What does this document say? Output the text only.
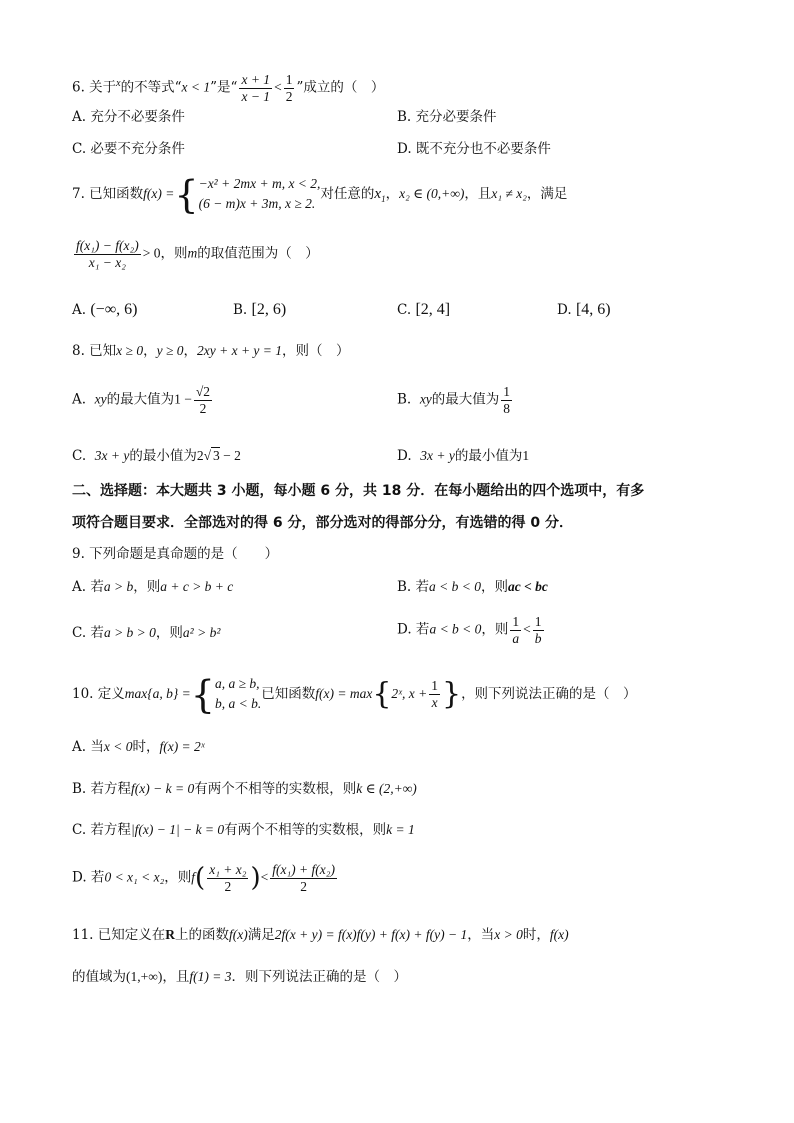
6. 关于$^x$的不等式“x < 1”是“ $\frac{x + 1}{x - 1} < \frac{1}{2}$ ”成立的（　）
A. 充分不必要条件	B. 充分必要条件
C. 必要不充分条件	D. 既不充分也不必要条件
7. 已知函数f(x) ={ −x² + 2mx + m, x < 2,
(6 − m)x + 3m, x ≥ 2.
对任意的$x_1$，x₂ ∈ (0,+∞)，且x₁ ≠ x₂，满足
$\frac{\text{f(x₁) − f(x₂)}}{\text{x₁ − x₂}} > 0$，则m的取值范围为（　）
A. (−∞, 6)	B. [2, 6)	C. [2, 4]	D. [4, 6)
8. 已知x ≥ 0，y ≥ 0，2xy + x + y = 1，则（　）
A. xy的最大值为$1 - \frac{√2}{2}$	B. xy的最大值为 $\frac{1}{8}$
C. 3x + y的最小值为2√ 3 − 2	D. 3x + y的最小值为1
二、选择题：本大题共 3 小题，每小题 6 分，共 18 分．在每小题给出的四个选项中，有多
项符合题目要求．全部选对的得 6 分，部分选对的得部分分，有选错的得 0 分．
9. 下列命题是真命题的是（　　）
A. 若a > b，则a + c > b + c	B. 若a < b < 0，则ac < bc
C. 若a > b > 0，则a² > b²	D. 若a < b < 0，则 $\frac{1}{a} < \frac{1}{b}$
10. 定义max{a, b} ={ a, a ≥ b,
b, a < b.
已知函数f(x) = max{2ˣ, $x + \frac{1}{x}$ }，则下列说法正确的是（　）
A. 当x < 0时，f(x) = 2ˣ
B. 若方程f(x) − k = 0有两个不相等的实数根，则k ∈ (2,+∞)
C. 若方程|f(x) − 1| − k = 0有两个不相等的实数根，则k = 1
D. 若0 < x₁ < x₂，则$f( \frac{\text{x₁ + x₂}}{2}$ )< $\frac{\text{f(x₁) + f(x₂)}}{2}$
11. 已知定义在R上的函数f(x)满足2f(x + y) = f(x)f(y) + f(x) + f(y) − 1，当x > 0时，f(x)
的值域为(1,+∞)，且f(1) = 3．则下列说法正确的是（　）
